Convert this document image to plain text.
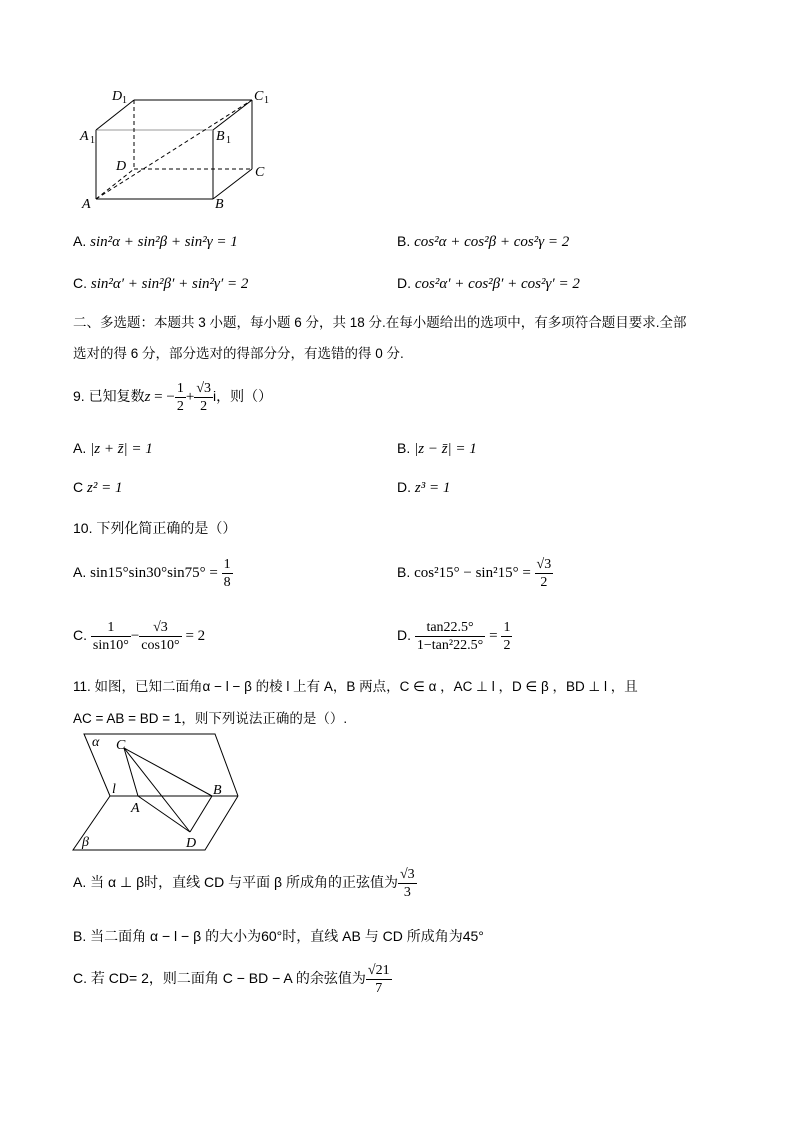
D 1	C 1
A 1	B 1
D	C
A	B
A. sin²α + sin²β + sin²γ = 1	B. cos²α + cos²β + cos²γ = 2
C. sin²α′ + sin²β′ + sin²γ′ = 2	D. cos²α′ + cos²β′ + cos²γ′ = 2
二、多选题：本题共 3 小题，每小题 6 分，共 18 分.在每小题给出的选项中，有多项符合题目要求.全部
选对的得 6 分，部分选对的得部分分，有选错的得 0 分.
9. 已知复数z = − $\frac{1}{2} + \frac{√3}{2}$ i，则（）
A. |z + z̄| = 1	B. |z − z̄| = 1
C z² = 1	D. z³ = 1
10. 下列化简正确的是（）
A. $\sin 15^\circ\sin 30^\circ\sin 75^\circ = \frac{1}{8}$	B. $\cos^215^\circ - \sin^215^\circ = \frac{√3}{2}$
C. $\frac{1}{\sin 10^\circ} - \frac{√3}{\cos 10^\circ} = 2$	D. $\frac{\tan 22.5^\circ}{\text{1−tan²22.5°}} = \frac{1}{2}$
11. 如图，已知二面角α − l − β 的棱 l 上有 A，B 两点，C ∈ α ，AC ⊥ l ，D ∈ β ，BD ⊥ l ，且
AC = AB = BD = 1，则下列说法正确的是（）.
α C
l
A
B
β	D
A. 当 α ⊥ β时，直线 CD 与平面 β 所成角的正弦值为 $\frac{√3}{3}$
B. 当二面角 α − l − β 的大小为60°时，直线 AB 与 CD 所成角为45°
C. 若 CD= 2，则二面角 C − BD − A 的余弦值为 $\frac{√21}{7}$
